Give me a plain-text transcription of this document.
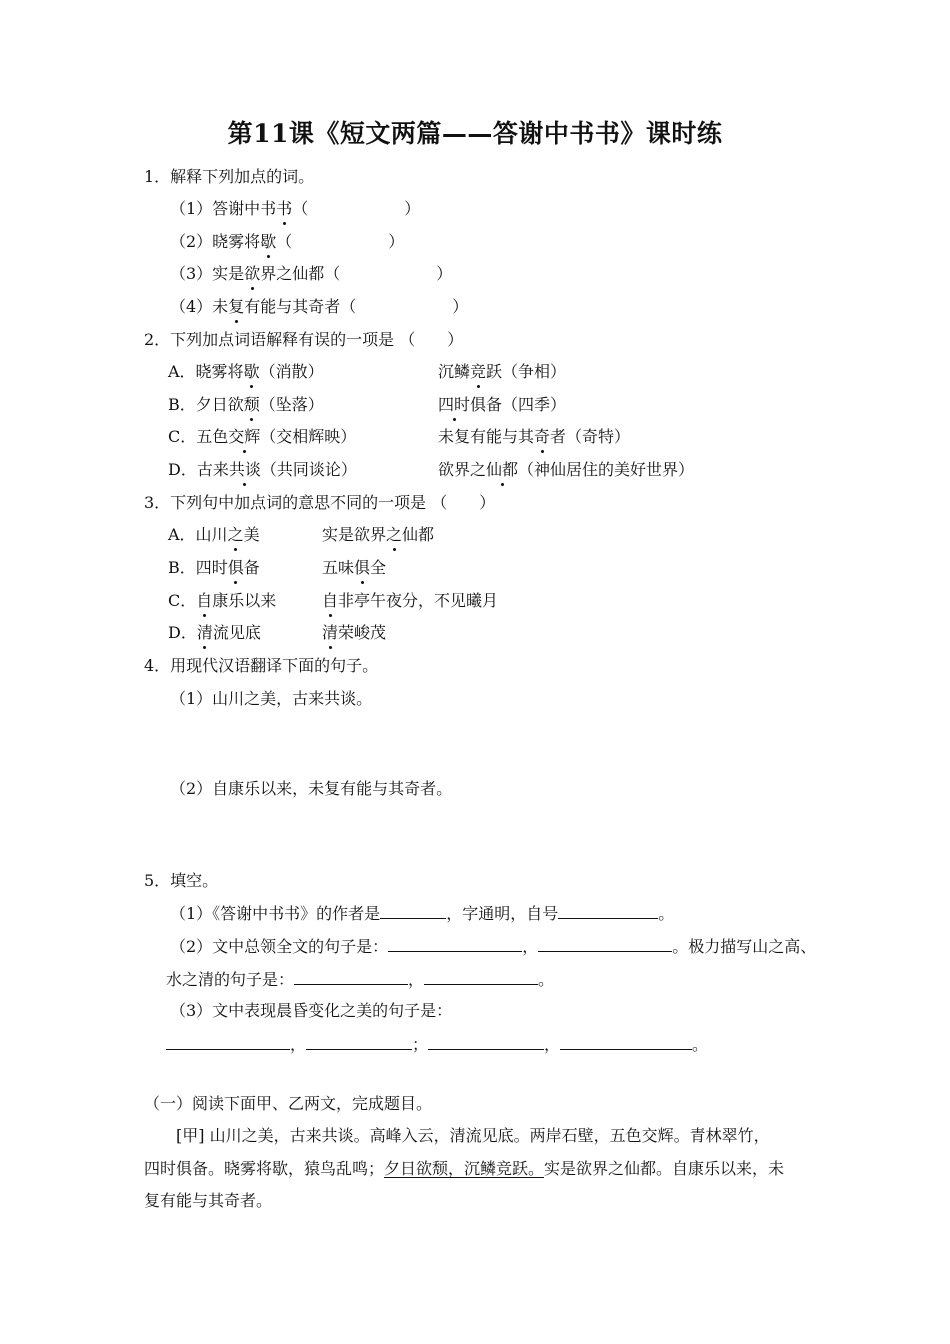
第11课《短文两篇——答谢中书书》课时练
1．解释下列加点的词。
（1）答谢中书书（	）
（2）晓雾将歇（	）
（3）实是欲界之仙都（	）
（4）未复有能与其奇者（	）
2．下列加点词语解释有误的一项是 （　　）
A．晓雾将歇（消散）	沉鳞竞跃（争相）
B．夕日欲颓（坠落）	四时俱备（四季）
C．五色交辉（交相辉映）	未复有能与其奇者（奇特）
D．古来共谈（共同谈论）	欲界之仙都（神仙居住的美好世界）
3．下列句中加点词的意思不同的一项是 （　　）
A．山川之美	实是欲界之仙都
B．四时俱备	五味俱全
C．自康乐以来	自非亭午夜分，不见曦月
D．清流见底	清荣峻茂
4．用现代汉语翻译下面的句子。
（1）山川之美，古来共谈。
（2）自康乐以来，未复有能与其奇者。
5．填空。
（1）《答谢中书书》的作者是	，字通明，自号	。
（2）文中总领全文的句子是：	，	。极力描写山之高、
水之清的句子是：	，	。
（3）文中表现晨昏变化之美的句子是：
，	；	，	。
（一）阅读下面甲、乙两文，完成题目。
[甲] 山川之美，古来共谈。高峰入云，清流见底。两岸石壁，五色交辉。青林翠竹，
四时俱备。晓雾将歇，猿鸟乱鸣；夕日欲颓，沉鳞竞跃。实是欲界之仙都。自康乐以来，未
复有能与其奇者。
